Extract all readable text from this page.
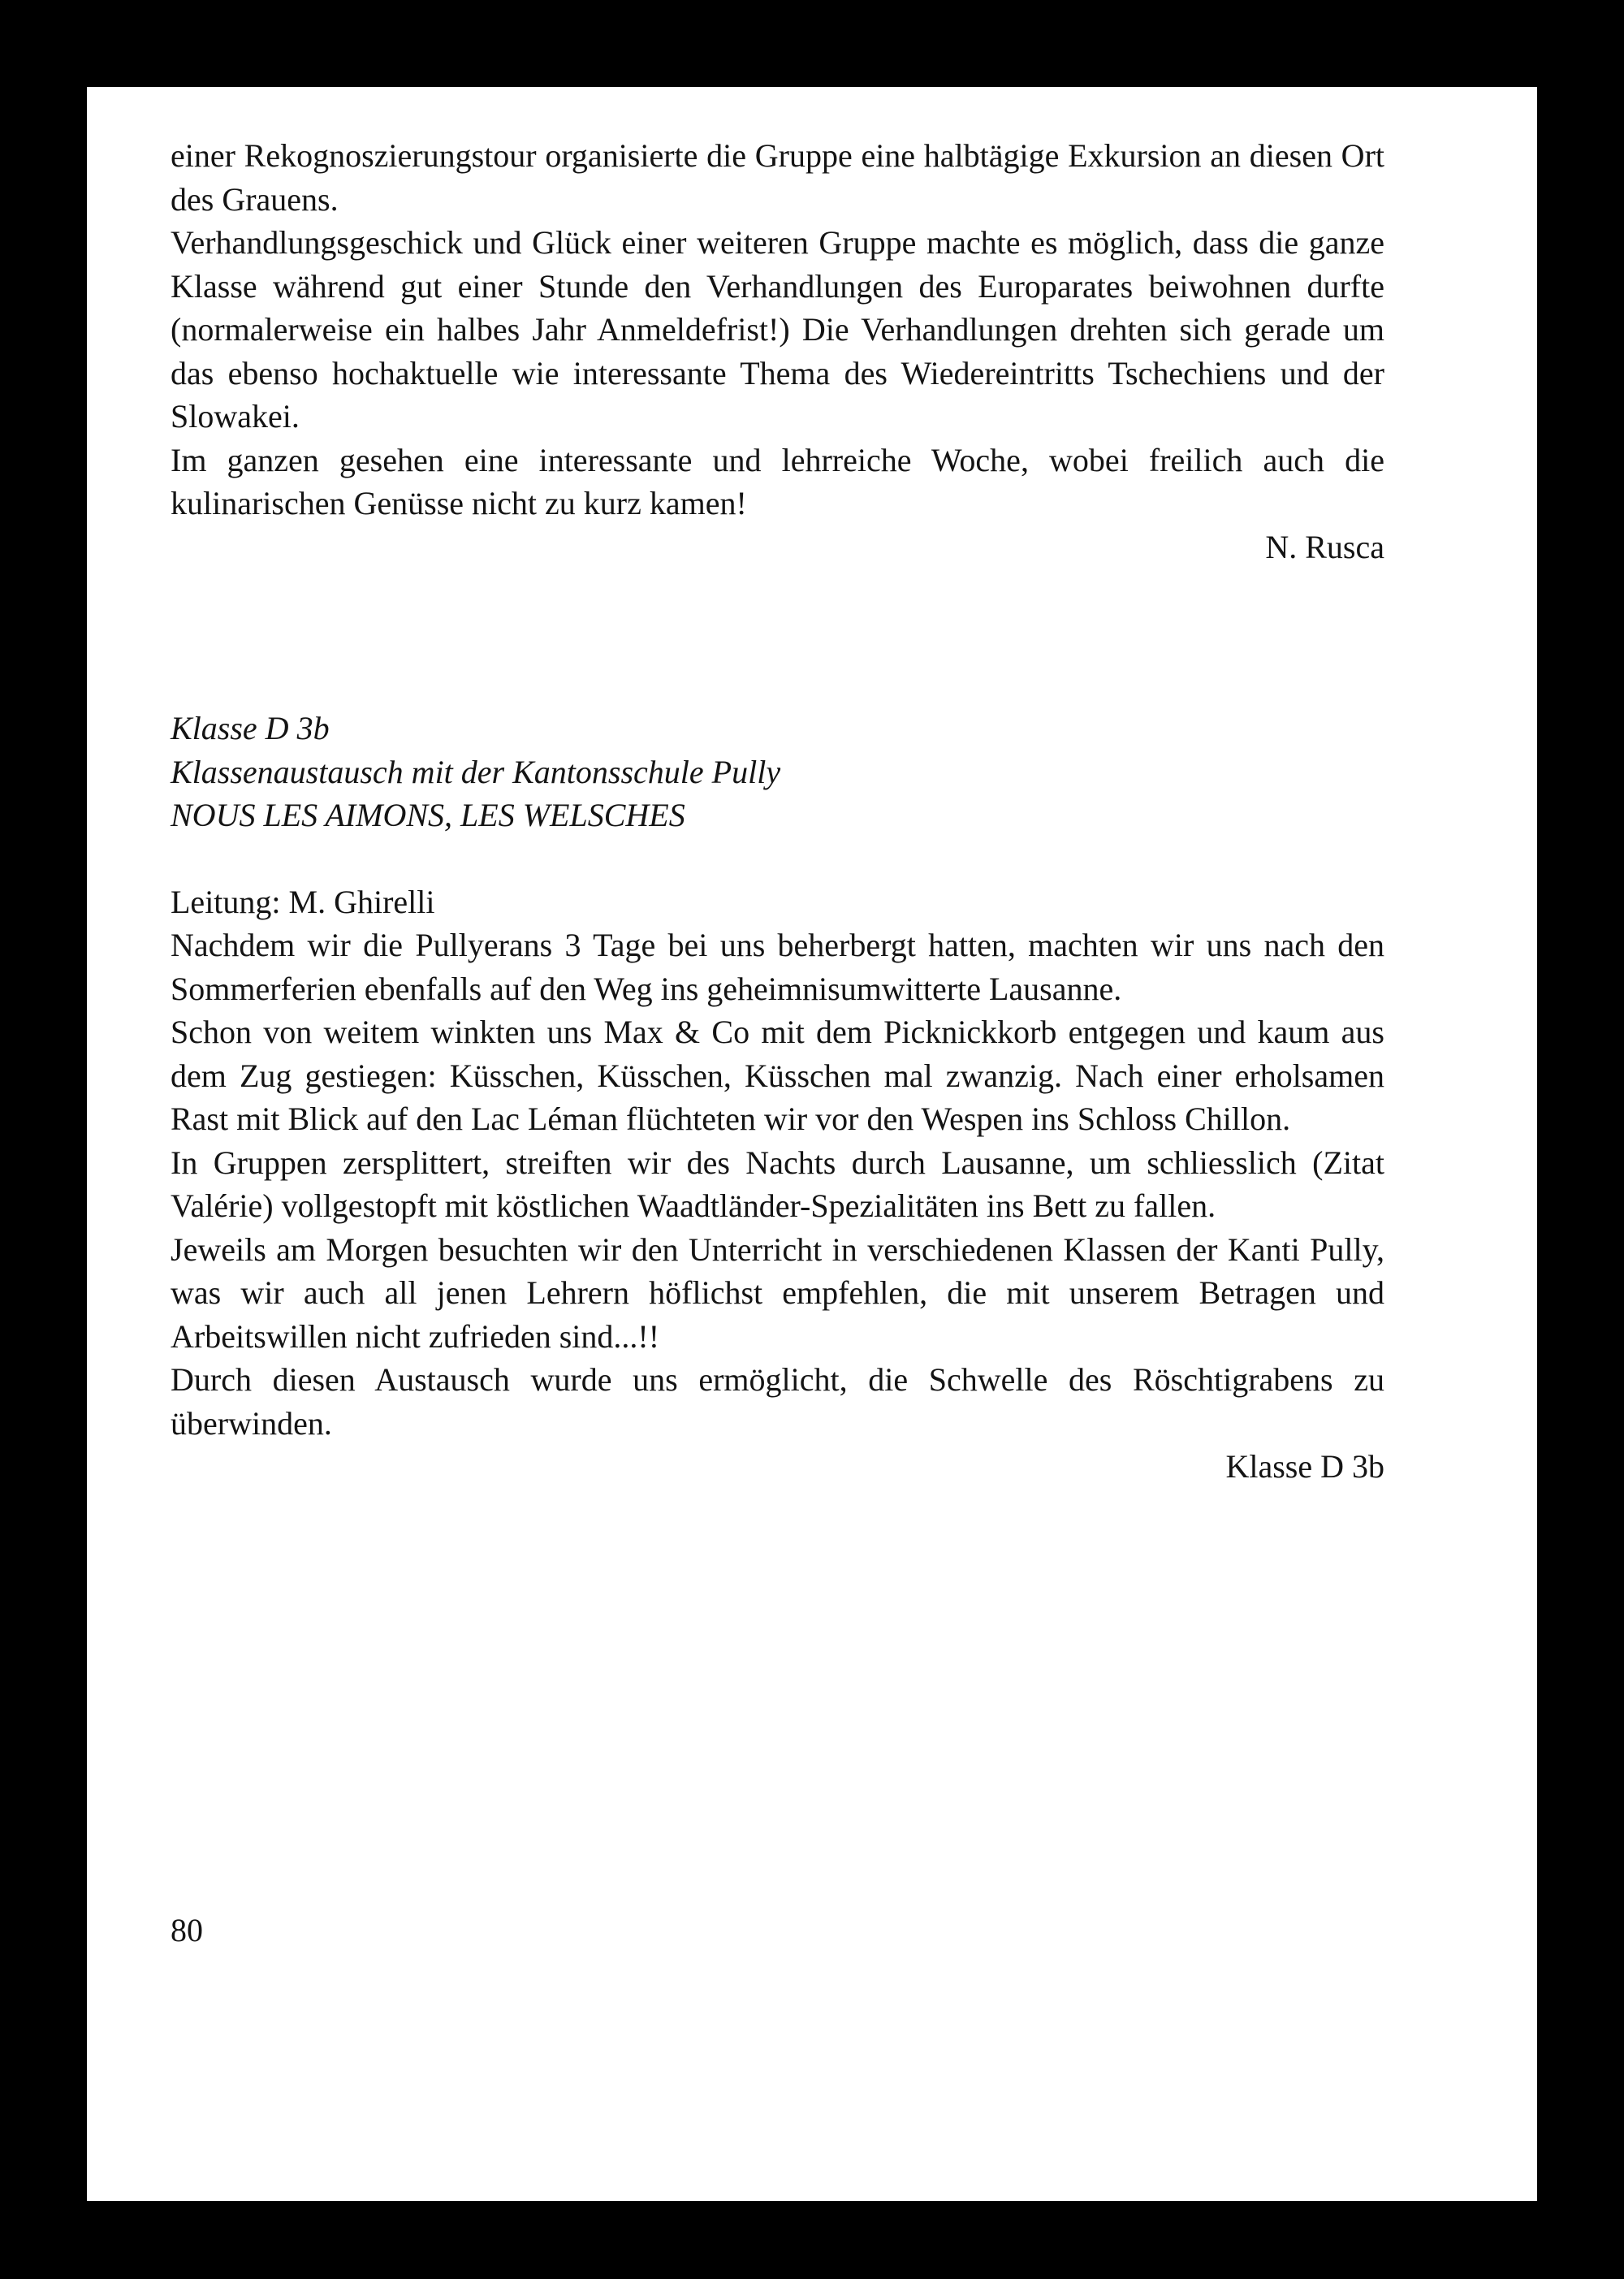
einer Rekognoszierungstour organisierte die Gruppe eine halbtägige Exkursion an diesen Ort des Grauens.

Verhandlungsgeschick und Glück einer weiteren Gruppe machte es möglich, dass die ganze Klasse während gut einer Stunde den Verhandlungen des Europarates beiwohnen durfte (normalerweise ein halbes Jahr Anmeldefrist!) Die Verhandlungen drehten sich gerade um das ebenso hochaktuelle wie interessante Thema des Wiedereintritts Tschechiens und der Slowakei.

Im ganzen gesehen eine interessante und lehrreiche Woche, wobei freilich auch die kulinarischen Genüsse nicht zu kurz kamen!

N. Rusca

Klasse D 3b

Klassenaustausch mit der Kantonsschule Pully

NOUS LES AIMONS, LES WELSCHES

Leitung: M. Ghirelli

Nachdem wir die Pullyerans 3 Tage bei uns beherbergt hatten, machten wir uns nach den Sommerferien ebenfalls auf den Weg ins geheimnisumwitterte Lausanne.

Schon von weitem winkten uns Max & Co mit dem Picknickkorb entgegen und kaum aus dem Zug gestiegen: Küsschen, Küsschen, Küsschen mal zwanzig. Nach einer erholsamen Rast mit Blick auf den Lac Léman flüchteten wir vor den Wespen ins Schloss Chillon.

In Gruppen zersplittert, streiften wir des Nachts durch Lausanne, um schliesslich (Zitat Valérie) vollgestopft mit köstlichen Waadtländer-Spezialitäten ins Bett zu fallen.

Jeweils am Morgen besuchten wir den Unterricht in verschiedenen Klassen der Kanti Pully, was wir auch all jenen Lehrern höflichst empfehlen, die mit unserem Betragen und Arbeitswillen nicht zufrieden sind...!!

Durch diesen Austausch wurde uns ermöglicht, die Schwelle des Röschtigrabens zu überwinden.

Klasse D 3b

80
